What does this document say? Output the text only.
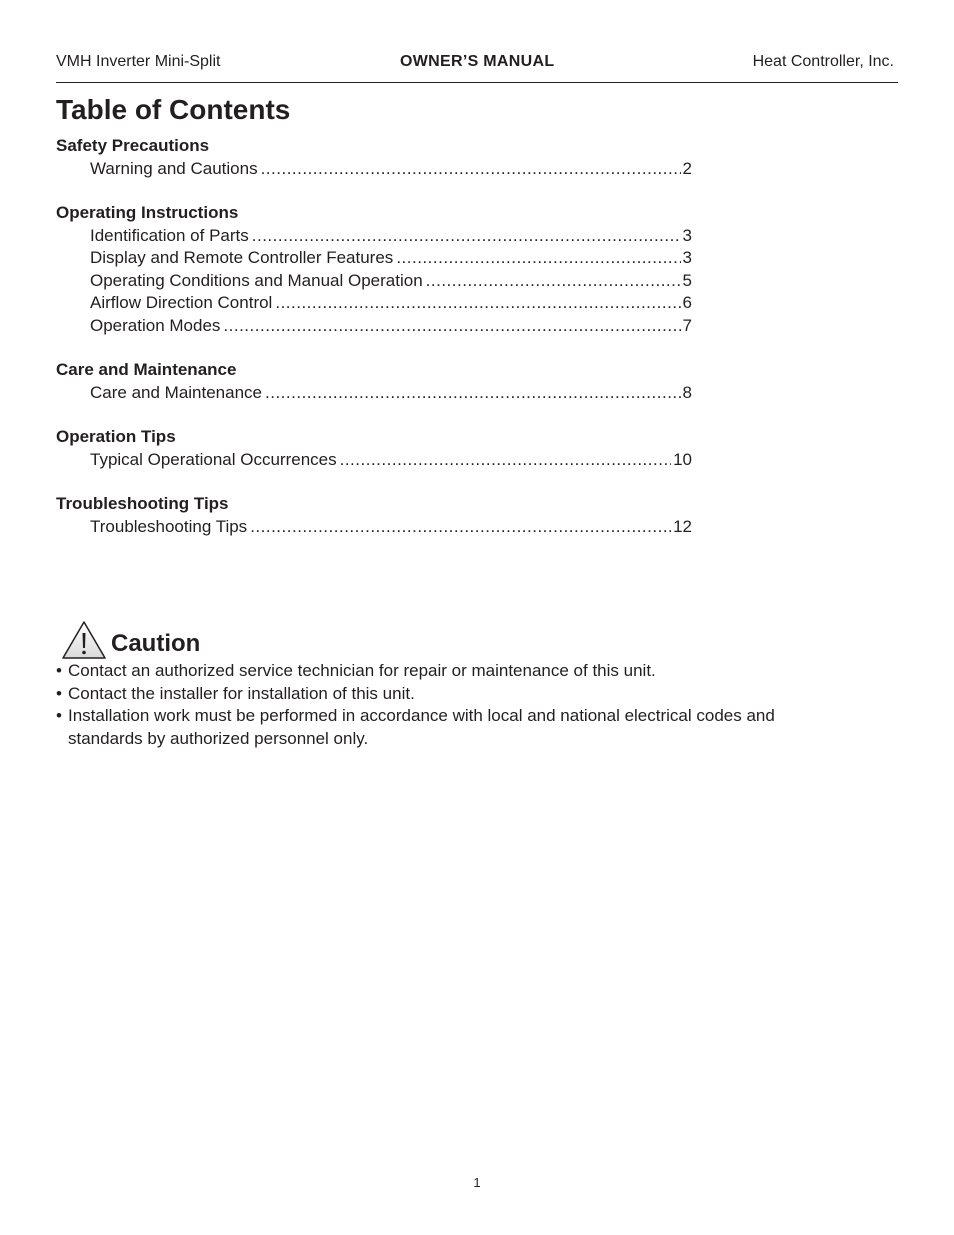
VMH Inverter Mini-Split	OWNER’S MANUAL	Heat Controller, Inc.
Table of Contents
Safety Precautions
Warning and Cautions .....	2
Operating Instructions
Identification of Parts .....	3
Display and Remote Controller Features .....	3
Operating Conditions and Manual Operation .....	5
Airflow Direction Control .....	6
Operation Modes .....	7
Care and Maintenance
Care and Maintenance .....	8
Operation Tips
Typical Operational Occurrences .....	10
Troubleshooting Tips
Troubleshooting Tips .....	12
Caution
• Contact an authorized service technician for repair or maintenance of this unit.
• Contact the installer for installation of this unit.
• Installation work must be performed in accordance with local and national electrical codes and standards by authorized personnel only.
1
